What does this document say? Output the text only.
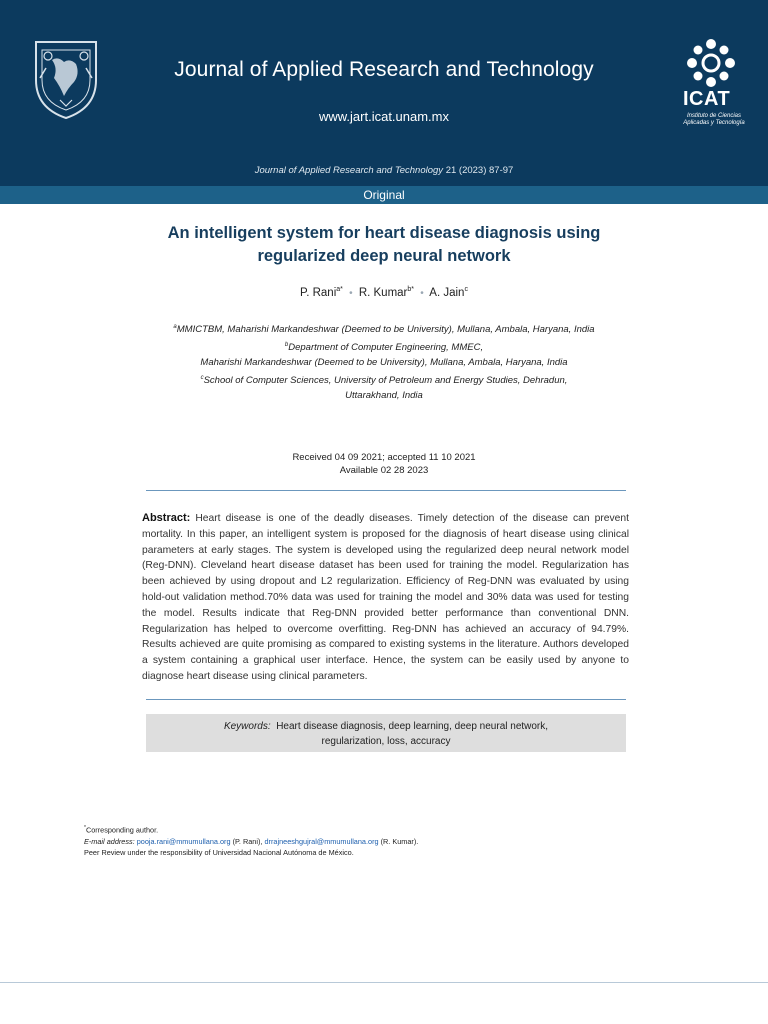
Journal of Applied Research and Technology
www.jart.icat.unam.mx
Journal of Applied Research and Technology 21 (2023) 87-97
ICAT
Instituto de Ciencias
Aplicadas y Tecnología
Original
An intelligent system for heart disease diagnosis using
regularized deep neural network
P. Rani$^{a*}$ • R. Kumar$^{b*}$ • A. Jain$^c$
$^a$MMICTBM, Maharishi Markandeshwar (Deemed to be University), Mullana, Ambala, Haryana, India
$^b$Department of Computer Engineering, MMEC,
Maharishi Markandeshwar (Deemed to be University), Mullana, Ambala, Haryana, India
$^c$School of Computer Sciences, University of Petroleum and Energy Studies, Dehradun,
Uttarakhand, India
Received 04 09 2021; accepted 11 10 2021
Available 02 28 2023
Abstract: Heart disease is one of the deadly diseases. Timely detection of the disease can prevent mortality. In this paper, an intelligent system is proposed for the diagnosis of heart disease using clinical parameters at early stages. The system is developed using the regularized deep neural network model (Reg-DNN). Cleveland heart disease dataset has been used for training the model. Regularization has been achieved by using dropout and L2 regularization. Efficiency of Reg-DNN was evaluated by using hold-out validation method.70% data was used for training the model and 30% data was used for testing the model. Results indicate that Reg-DNN provided better performance than conventional DNN. Regularization has helped to overcome overfitting. Reg-DNN has achieved an accuracy of 94.79%. Results achieved are quite promising as compared to existing systems in the literature. Authors developed a system containing a graphical user interface. Hence, the system can be easily used by anyone to diagnose heart disease using clinical parameters.
Keywords: Heart disease diagnosis, deep learning, deep neural network,
regularization, loss, accuracy
*Corresponding author.
E-mail address: pooja.rani@mmumullana.org (P. Rani), drrajneeshgujral@mmumullana.org (R. Kumar).
Peer Review under the responsibility of Universidad Nacional Autónoma de México.
